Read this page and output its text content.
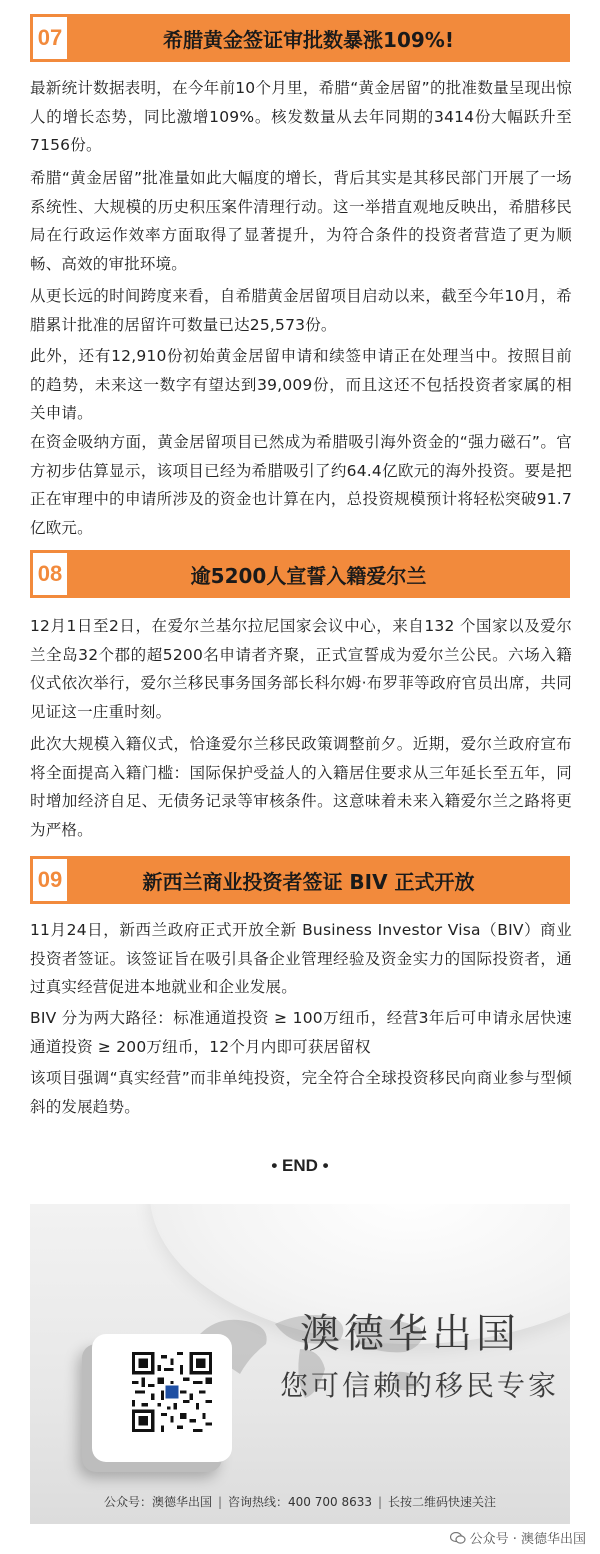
07	希腊黄金签证审批数暴涨109%!

最新统计数据表明，在今年前10个月里，希腊“黄金居留”的批准数量呈现出惊人的增长态势，同比激增109%。核发数量从去年同期的3414份大幅跃升至7156份。

希腊“黄金居留”批准量如此大幅度的增长，背后其实是其移民部门开展了一场系统性、大规模的历史积压案件清理行动。这一举措直观地反映出，希腊移民局在行政运作效率方面取得了显著提升，为符合条件的投资者营造了更为顺畅、高效的审批环境。

从更长远的时间跨度来看，自希腊黄金居留项目启动以来，截至今年10月，希腊累计批准的居留许可数量已达25,573份。

此外，还有12,910份初始黄金居留申请和续签申请正在处理当中。按照目前的趋势，未来这一数字有望达到39,009份，而且这还不包括投资者家属的相关申请。

在资金吸纳方面，黄金居留项目已然成为希腊吸引海外资金的“强力磁石”。官方初步估算显示，该项目已经为希腊吸引了约64.4亿欧元的海外投资。要是把正在审理中的申请所涉及的资金也计算在内，总投资规模预计将轻松突破91.7亿欧元。

08	逾5200人宣誓入籍爱尔兰

12月1日至2日，在爱尔兰基尔拉尼国家会议中心，来自132 个国家以及爱尔兰全岛32个郡的超5200名申请者齐聚，正式宣誓成为爱尔兰公民。六场入籍仪式依次举行，爱尔兰移民事务国务部长科尔姆·布罗菲等政府官员出席，共同见证这一庄重时刻。

此次大规模入籍仪式，恰逢爱尔兰移民政策调整前夕。近期，爱尔兰政府宣布将全面提高入籍门槛：国际保护受益人的入籍居住要求从三年延长至五年，同时增加经济自足、无债务记录等审核条件。这意味着未来入籍爱尔兰之路将更为严格。

09	新西兰商业投资者签证 BIV 正式开放

11月24日，新西兰政府正式开放全新 Business Investor Visa（BIV）商业投资者签证。该签证旨在吸引具备企业管理经验及资金实力的国际投资者，通过真实经营促进本地就业和企业发展。

BIV 分为两大路径：标准通道投资 ≥ 100万纽币，经营3年后可申请永居快速通道投资 ≥ 200万纽币，12个月内即可获居留权

该项目强调“真实经营”而非单纯投资，完全符合全球投资移民向商业参与型倾斜的发展趋势。

• END •
澳德华出国
您可信赖的移民专家
公众号：澳德华出国 | 咨询热线：400 700 8633 | 长按二维码快速关注
公众号 · 澳德华出国
